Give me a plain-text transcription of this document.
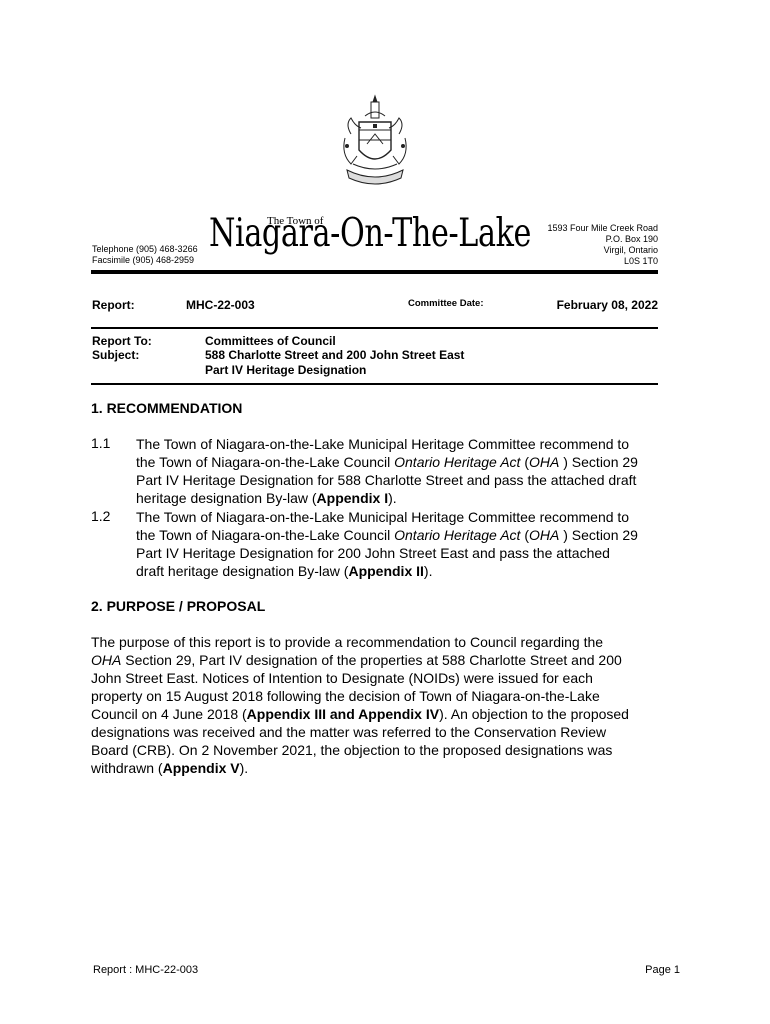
The Town of
Niagara-On-The-Lake
Telephone (905) 468-3266
Facsimile (905) 468-2959
1593 Four Mile Creek Road
P.O. Box 190
Virgil, Ontario
L0S 1T0
Report:	MHC-22-003	Committee Date:	February 08, 2022
Report To:	Committees of Council
Subject:	588 Charlotte Street and 200 John Street East
Part IV Heritage Designation
1. RECOMMENDATION
1.1 The Town of Niagara-on-the-Lake Municipal Heritage Committee recommend to
the Town of Niagara-on-the-Lake Council Ontario Heritage Act (OHA ) Section 29
Part IV Heritage Designation for 588 Charlotte Street and pass the attached draft
heritage designation By-law (Appendix I).
1.2 The Town of Niagara-on-the-Lake Municipal Heritage Committee recommend to
the Town of Niagara-on-the-Lake Council Ontario Heritage Act (OHA ) Section 29
Part IV Heritage Designation for 200 John Street East and pass the attached
draft heritage designation By-law (Appendix II).
2. PURPOSE / PROPOSAL
The purpose of this report is to provide a recommendation to Council regarding the
OHA Section 29, Part IV designation of the properties at 588 Charlotte Street and 200
John Street East. Notices of Intention to Designate (NOIDs) were issued for each
property on 15 August 2018 following the decision of Town of Niagara-on-the-Lake
Council on 4 June 2018 (Appendix III and Appendix IV). An objection to the proposed
designations was received and the matter was referred to the Conservation Review
Board (CRB). On 2 November 2021, the objection to the proposed designations was
withdrawn (Appendix V).
Report : MHC-22-003	Page 1
